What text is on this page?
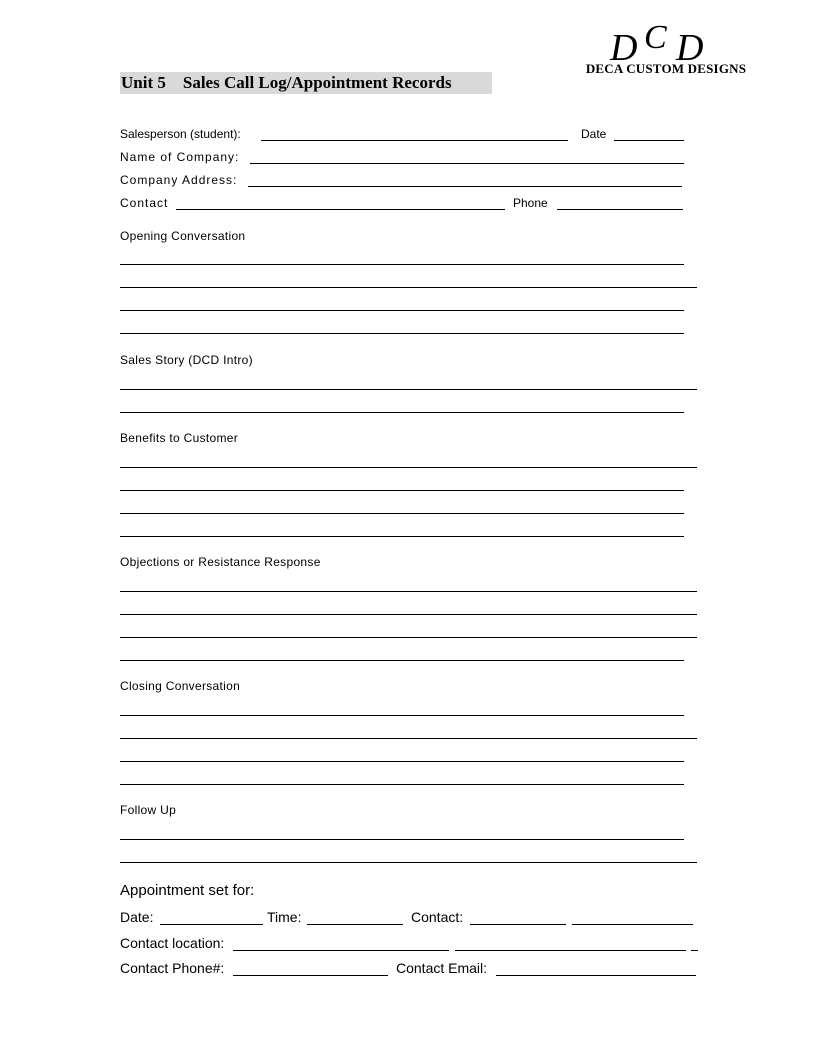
Unit 5    Sales Call Log/Appointment Records
D C D
DECA CUSTOM DESIGNS
Salesperson (student):	Date
Name of Company:
Company Address:
Contact	Phone
Opening Conversation
Sales Story (DCD Intro)
Benefits to Customer
Objections or Resistance Response
Closing Conversation
Follow Up
Appointment set for:
Date:	Time:	Contact:
Contact location:
Contact Phone#:	Contact Email:
